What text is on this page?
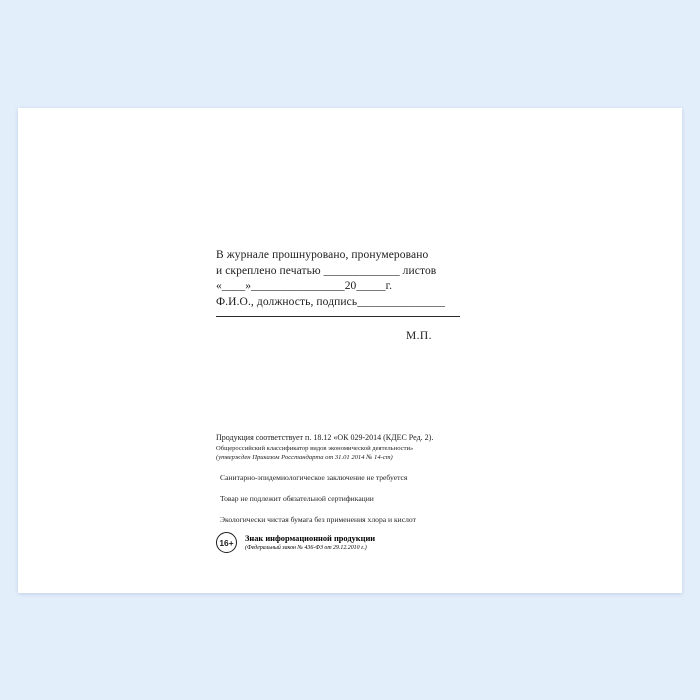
В журнале прошнуровано, пронумеровано
и скреплено печатью _____________ листов
«____»________________20_____г.
Ф.И.О., должность, подпись_______________
М.П.
Продукция соответствует п. 18.12 «ОК 029-2014 (КДЕС Ред. 2).
Общероссийский классификатор видов экономической деятельности»
(утвержден Приказом Росстандарта от 31.01 2014 № 14-ст)
Санитарно-эпидемиологическое заключение не требуется
Товар не подлежит обязательной сертификации
Экологически чистая бумага без применения хлора и кислот
16+	Знак информационной продукции
(Федеральный закон № 436-ФЗ от 29.12.2010 г.)
